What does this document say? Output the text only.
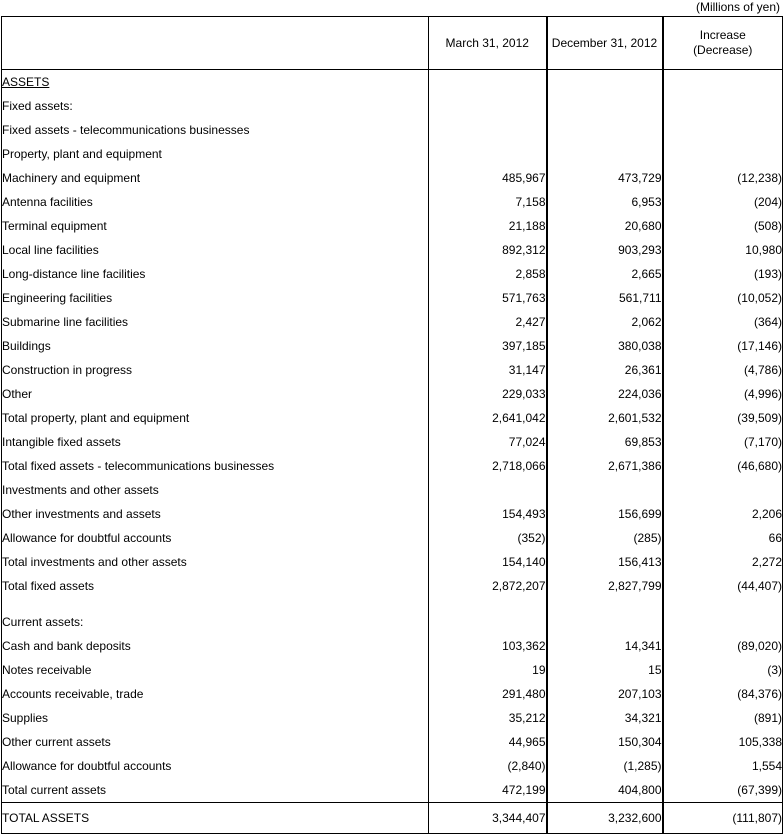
(Millions of yen)
	March 31, 2012	December 31, 2012	Increase
(Decrease)
ASSETS			
Fixed assets:			
Fixed assets - telecommunications businesses			
Property, plant and equipment			
Machinery and equipment	485,967	473,729	(12,238)
Antenna facilities	7,158	6,953	(204)
Terminal equipment	21,188	20,680	(508)
Local line facilities	892,312	903,293	10,980
Long-distance line facilities	2,858	2,665	(193)
Engineering facilities	571,763	561,711	(10,052)
Submarine line facilities	2,427	2,062	(364)
Buildings	397,185	380,038	(17,146)
Construction in progress	31,147	26,361	(4,786)
Other	229,033	224,036	(4,996)
Total property, plant and equipment	2,641,042	2,601,532	(39,509)
Intangible fixed assets	77,024	69,853	(7,170)
Total fixed assets - telecommunications businesses	2,718,066	2,671,386	(46,680)
Investments and other assets			
Other investments and assets	154,493	156,699	2,206
Allowance for doubtful accounts	(352)	(285)	66
Total investments and other assets	154,140	156,413	2,272
Total fixed assets	2,872,207	2,827,799	(44,407)

Current assets:			
Cash and bank deposits	103,362	14,341	(89,020)
Notes receivable	19	15	(3)
Accounts receivable, trade	291,480	207,103	(84,376)
Supplies	35,212	34,321	(891)
Other current assets	44,965	150,304	105,338
Allowance for doubtful accounts	(2,840)	(1,285)	1,554
Total current assets	472,199	404,800	(67,399)
TOTAL ASSETS	3,344,407	3,232,600	(111,807)
